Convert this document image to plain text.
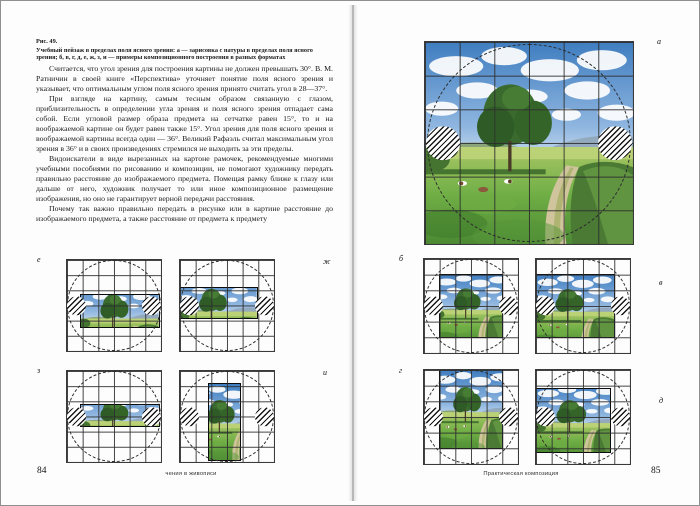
Рис. 49.
Учебный пейзаж в пределах поля ясного зрения: а — зарисовка с натуры в пределах поля ясного зрения; б, в, г, д, е, ж, з, и — примеры композиционного построения в разных форматах

Считается, что угол зрения для построения картины не должен превышать 30°. В. М. Ратничин в своей книге «Перспектива» уточняет понятие поля ясного зрения и указывает, что оптимальным углом поля ясного зрения принято считать угол в 28—37°.

При взгляде на картину, самым тесным образом связанную с глазом, приблизительность в определении угла зрения и поля ясного зрения отпадает сама собой. Если угловой размер образа предмета на сетчатке равен 15°, то и на воображаемой картине он будет равен также 15°. Угол зрения для поля ясного зрения и воображаемой картины всегда один — 36°. Великий Рафаэль считал максимальным угол зрения в 36° и в своих произведениях стремился не выходить за эти пределы.

Видоискатели в виде вырезанных на картоне рамочек, рекомендуемые многими учебными пособиями по рисованию и композиции, не помогают художнику передать правильно расстояние до изображаемого предмета. Помещая рамку ближе к глазу или дальше от него, художник получает то или иное композиционное размещение изображения, но оно не гарантирует верной передачи расстояния.

Почему так важно правильно передать в рисунке или в картине расстояние до изображаемого предмета, а также расстояние от предмета к предмету

е	ж
з	и
84	чения в живописи
а
б
в
г
д
Практическая композиция	85
